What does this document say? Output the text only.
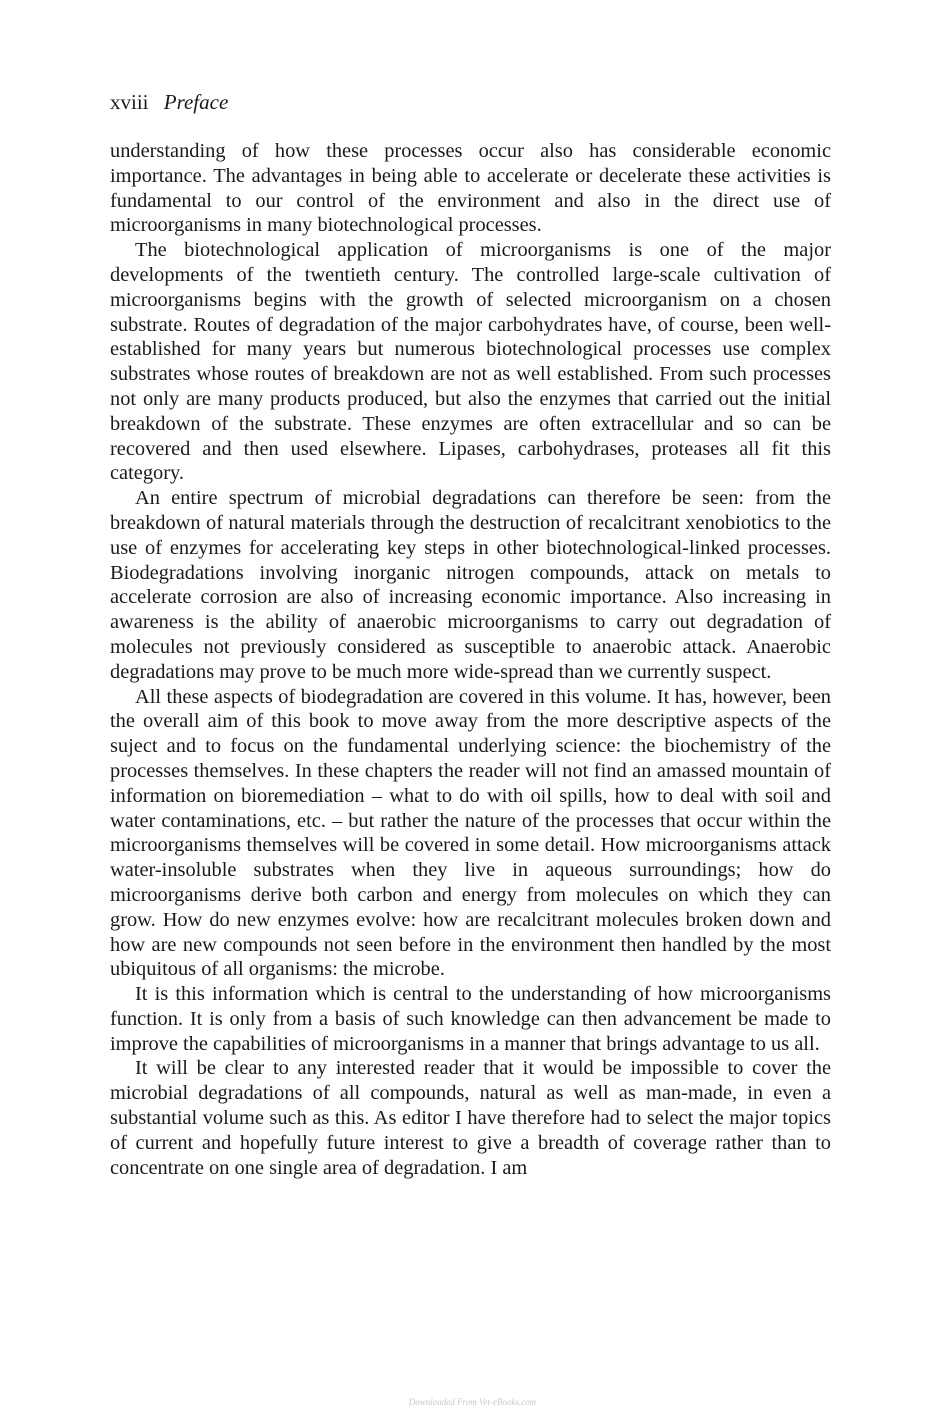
xviii Preface

understanding of how these processes occur also has considerable economic importance. The advantages in being able to accelerate or decelerate these activities is fundamental to our control of the environment and also in the direct use of microorganisms in many biotechnological processes.

The biotechnological application of microorganisms is one of the major developments of the twentieth century. The controlled large-scale cultivation of microorganisms begins with the growth of selected microorganism on a chosen substrate. Routes of degradation of the major carbohydrates have, of course, been well-established for many years but numerous biotechnological processes use complex substrates whose routes of breakdown are not as well established. From such processes not only are many products produced, but also the enzymes that carried out the initial breakdown of the substrate. These enzymes are often extracellular and so can be recovered and then used elsewhere. Lipases, carbohydrases, proteases all fit this category.

An entire spectrum of microbial degradations can therefore be seen: from the breakdown of natural materials through the destruction of recalcitrant xenobiotics to the use of enzymes for accelerating key steps in other biotechnological-linked processes. Biodegradations involving inorganic nitrogen compounds, attack on metals to accelerate corrosion are also of increasing economic importance. Also increasing in awareness is the ability of anaerobic microorganisms to carry out degradation of molecules not previously considered as susceptible to anaerobic attack. Anaerobic degradations may prove to be much more wide-spread than we currently suspect.

All these aspects of biodegradation are covered in this volume. It has, however, been the overall aim of this book to move away from the more descriptive aspects of the suject and to focus on the fundamental underlying science: the biochemistry of the processes themselves. In these chapters the reader will not find an amassed mountain of information on bioremediation – what to do with oil spills, how to deal with soil and water contaminations, etc. – but rather the nature of the processes that occur within the microorganisms themselves will be covered in some detail. How microorganisms attack water-insoluble substrates when they live in aqueous surroundings; how do microorganisms derive both carbon and energy from molecules on which they can grow. How do new enzymes evolve: how are recalcitrant molecules broken down and how are new compounds not seen before in the environment then handled by the most ubiquitous of all organisms: the microbe.

It is this information which is central to the understanding of how microorganisms function. It is only from a basis of such knowledge can then advancement be made to improve the capabilities of microorganisms in a manner that brings advantage to us all.

It will be clear to any interested reader that it would be impossible to cover the microbial degradations of all compounds, natural as well as man-made, in even a substantial volume such as this. As editor I have therefore had to select the major topics of current and hopefully future interest to give a breadth of coverage rather than to concentrate on one single area of degradation. I am

Downloaded From Vet-eBooks.com
